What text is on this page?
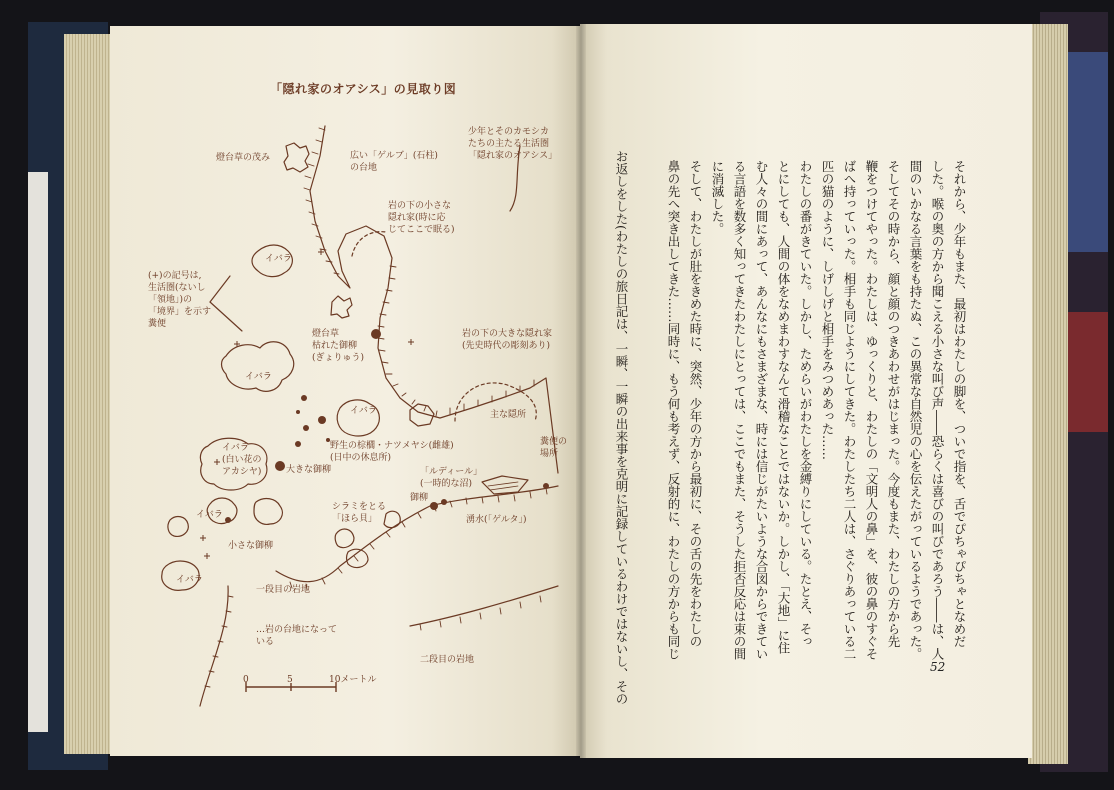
「隠れ家のオアシス」の見取り図
燈台草の茂み
少年とそのカモシカ
たちの主たる生活圏
「隠れ家のオアシス」
広い「ゲルブ」(石柱)
の台地
岩の下の小さな
隠れ家(時に応
じてここで眠る)
(+)の記号は,
生活圏(ないし
「領地」)の
「境界」を示す
糞便
イバラ
燈台草
枯れた御柳
(ぎょりゅう)
岩の下の大きな隠れ家
(先史時代の彫刻あり)
イバラ
イバラ	主な隠所
野生の棕櫚・ナツメヤシ(雌雄)
(日中の休息所)
イバラ
(白い花の
アカシヤ)	大きな御柳	「ルディール」
(一時的な沼)
糞便の
場所
イバラ
シラミをとる
「ほら貝」
御柳
湧水(「ゲルタ」)
小さな御柳
イバラ
一段目の岩地
…岩の台地になって
いる
二段目の岩地
0	5	10メートル
それから、少年もまた、最初はわたしの脚を、ついで指を、舌でぴちゃぴちゃとなめだ
した。喉の奥の方から聞こえる小さな叫び声――恐らくは喜びの叫びであろう――は、人
間のいかなる言葉をも持たぬ、この異常な自然児の心を伝えたがっているようであった。
そしてその時から、顔と顔のつきあわせがはじまった。今度もまた、わたしの方から先
鞭をつけてやった。わたしは、ゆっくりと、わたしの「文明人の鼻」を、彼の鼻のすぐそ
ばへ持っていった。相手も同じようにしてきた。わたしたち二人は、さぐりあっている二
匹の猫のように、しげしげと相手をみつめあった……
わたしの番がきていた。しかし、ためらいがわたしを金縛りにしている。たとえ、そっ
とにしても、人間の体をなめまわすなんて滑稽なことではないか。しかし、「大地」に住
む人々の間にあって、あんなにもさまざまな、時には信じがたいような合図からできてい
る言語を数多く知ってきたわたしにとっては、ここでもまた、そうした拒否反応は束の間
に消滅した。
そして、わたしが肚をきめた時に、突然、少年の方から最初に、その舌の先をわたしの
鼻の先へ突き出してきた……同時に、もう何も考えず、反射的に、わたしの方からも同じ
お返しをした(わたしの旅日記は、一瞬、一瞬の出来事を克明に記録しているわけではないし、その	52
